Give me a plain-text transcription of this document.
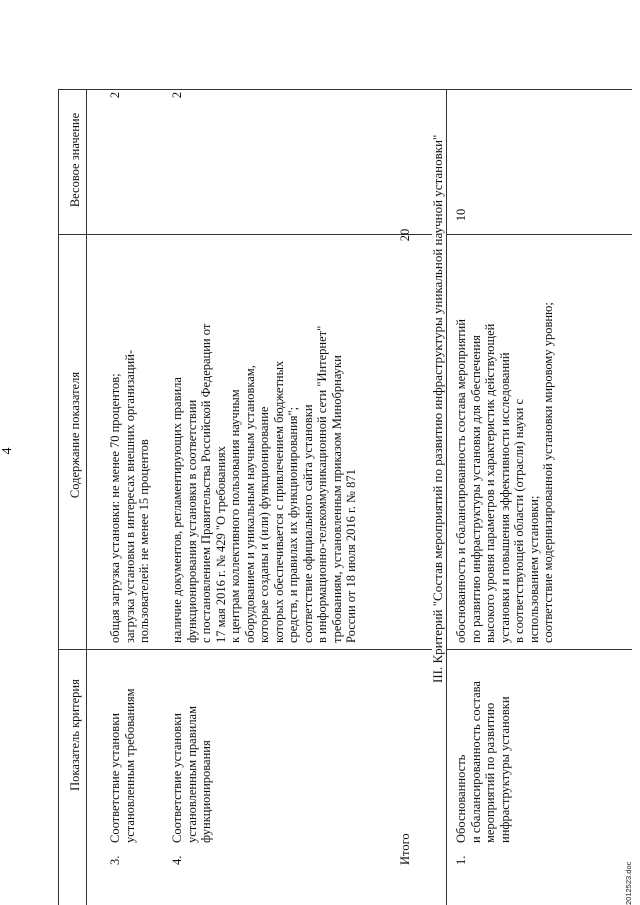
4
Показатель критерия
Содержание показателя
Весовое значение
3.
Соответствие установки установленным требованиям
общая загрузка установки: не менее 70 процентов; загрузка установки в интересах внешних организаций- пользователей: не менее 15 процентов
2
4.
Соответствие установки установленным правилам функционирования
наличие документов, регламентирующих правила функционирования установки в соответствии с постановлением Правительства Российской Федерации от 17 мая 2016 г. № 429 "О требованиях к центрам коллективного пользования научным оборудованием и уникальным научным установкам, которые созданы и (или) функционирование которых обеспечивается с привлечением бюджетных средств, и правилах их функционирования"; соответствие официального сайта установки в информационно-телекоммуникационной сети "Интернет" требованиям, установленным приказом Минобрнауки России от 18 июля 2016 г. № 871
2
Итого
20 III. Критерий "Состав мероприятий по развитию инфраструктуры уникальной научной установки"
1.
Обоснованность и сбалансированность состава мероприятий по развитию инфраструктуры установки
обоснованность и сбалансированность состава мероприятий по развитию инфраструктуры установки для обеспечения высокого уровня параметров и характеристик действующей установки и повышения эффективности исследований в соответствующей области (отрасли) науки с использованием установки; соответствие модернизированной установки мировому уровню;
10
2012523.doc
